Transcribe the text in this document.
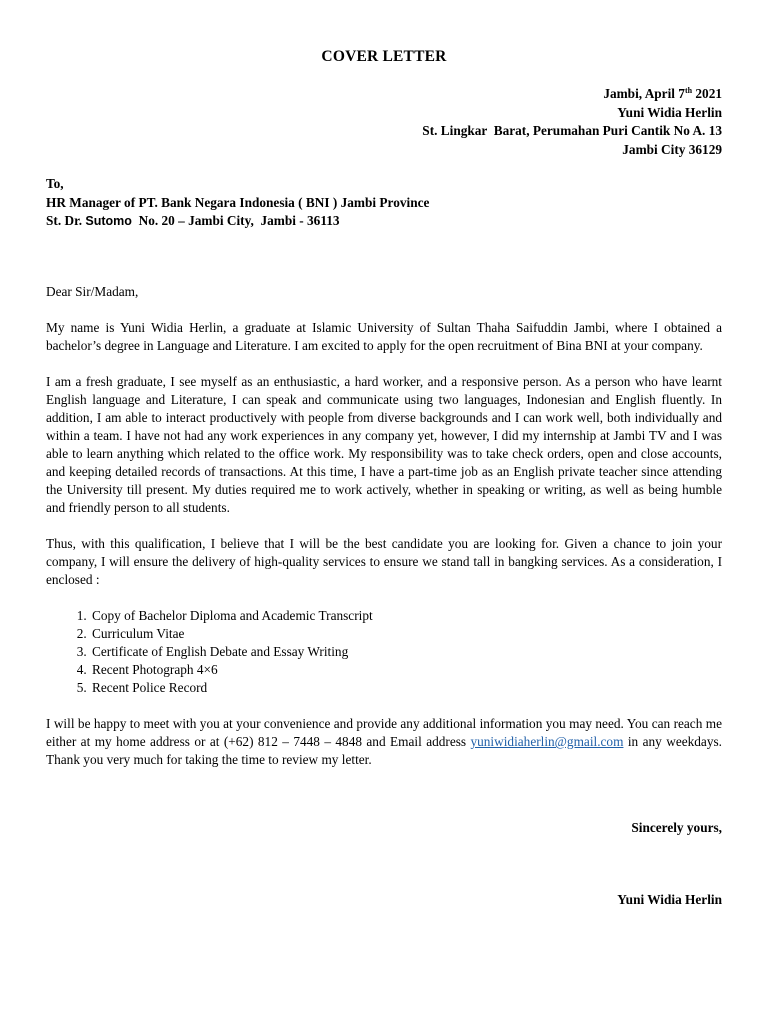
COVER LETTER
Jambi, April 7th 2021
Yuni Widia Herlin
St. Lingkar  Barat, Perumahan Puri Cantik No A. 13
Jambi City 36129
To,
HR Manager of PT. Bank Negara Indonesia ( BNI ) Jambi Province
St. Dr. Sutomo  No. 20 – Jambi City,  Jambi - 36113

Dear Sir/Madam,

My name is Yuni Widia Herlin, a graduate at Islamic University of Sultan Thaha Saifuddin Jambi, where I obtained a bachelor’s degree in Language and Literature. I am excited to apply for the open recruitment of Bina BNI at your company.

I am a fresh graduate, I see myself as an enthusiastic, a hard worker, and a responsive person. As a person who have learnt English language and Literature, I can speak and communicate using two languages, Indonesian and English fluently. In addition, I am able to interact productively with people from diverse backgrounds and I can work well, both individually and within a team. I have not had any work experiences in any company yet, however, I did my internship at Jambi TV and I was able to learn anything which related to the office work. My responsibility was to take check orders, open and close accounts, and keeping detailed records of transactions. At this time, I have a part-time job as an English private teacher since attending the University till present. My duties required me to work actively, whether in speaking or writing, as well as being humble and friendly person to all students.

Thus, with this qualification, I believe that I will be the best candidate you are looking for. Given a chance to join your company, I will ensure the delivery of high-quality services to ensure we stand tall in bangking services. As a consideration, I enclosed :

1. Copy of Bachelor Diploma and Academic Transcript
2. Curriculum Vitae
3. Certificate of English Debate and Essay Writing
4. Recent Photograph 4×6
5. Recent Police Record

I will be happy to meet with you at your convenience and provide any additional information you may need. You can reach me either at my home address or at (+62) 812 – 7448 – 4848 and Email address yuniwidiaherlin@gmail.com in any weekdays. Thank you very much for taking the time to review my letter.

Sincerely yours,
Yuni Widia Herlin
